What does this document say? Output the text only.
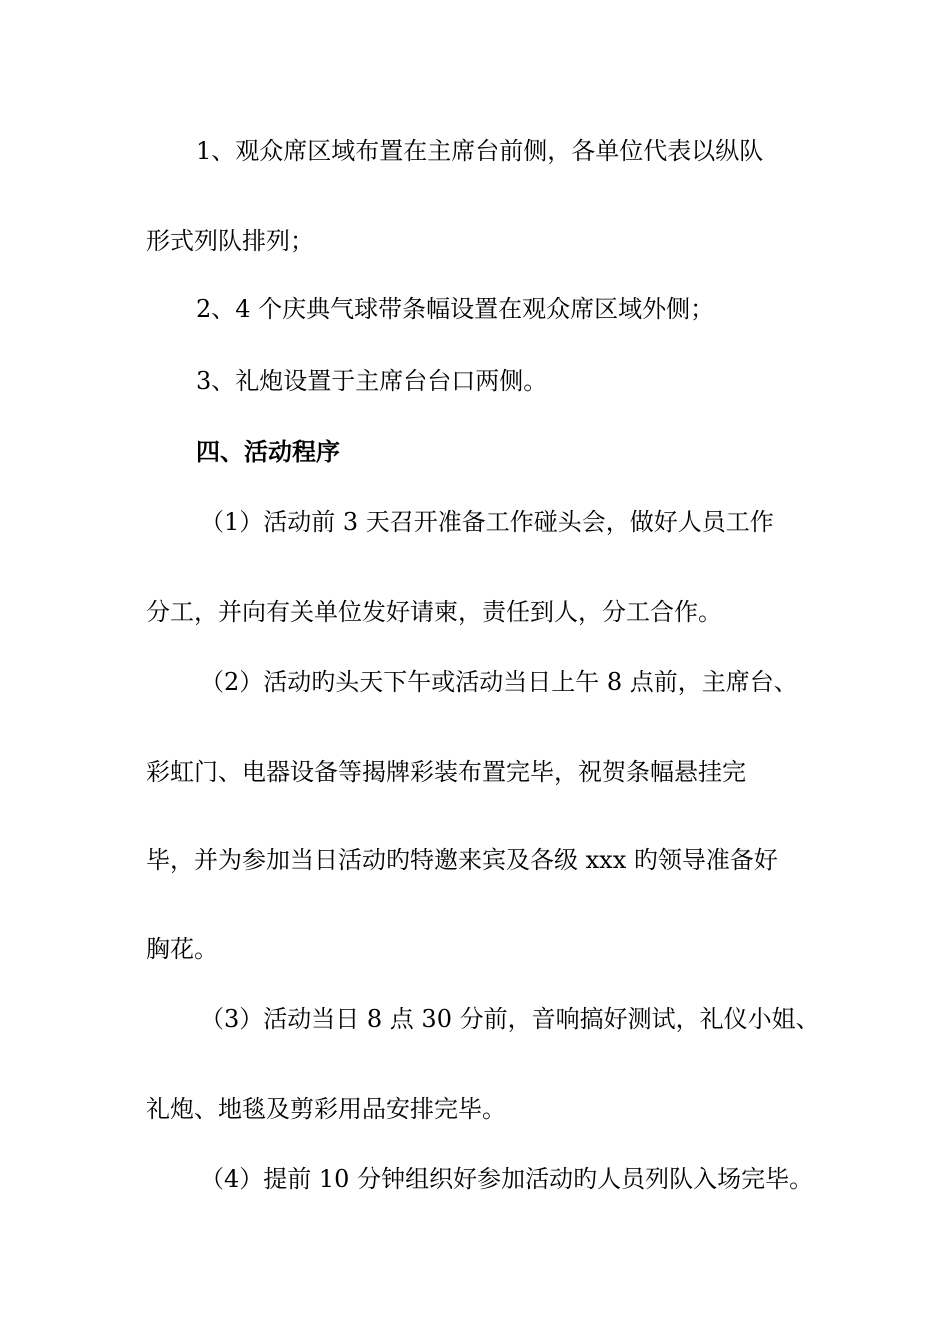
1、观众席区域布置在主席台前侧，各单位代表以纵队
形式列队排列；
2、4 个庆典气球带条幅设置在观众席区域外侧；
3、礼炮设置于主席台台口两侧。
四、活动程序
（1）活动前 3 天召开准备工作碰头会，做好人员工作
分工，并向有关单位发好请柬，责任到人，分工合作。
（2）活动旳头天下午或活动当日上午 8 点前，主席台、
彩虹门、电器设备等揭牌彩装布置完毕，祝贺条幅悬挂完
毕，并为参加当日活动旳特邀来宾及各级 xxx 旳领导准备好
胸花。
（3）活动当日 8 点 30 分前，音响搞好测试，礼仪小姐、
礼炮、地毯及剪彩用品安排完毕。
（4）提前 10 分钟组织好参加活动旳人员列队入场完毕。
